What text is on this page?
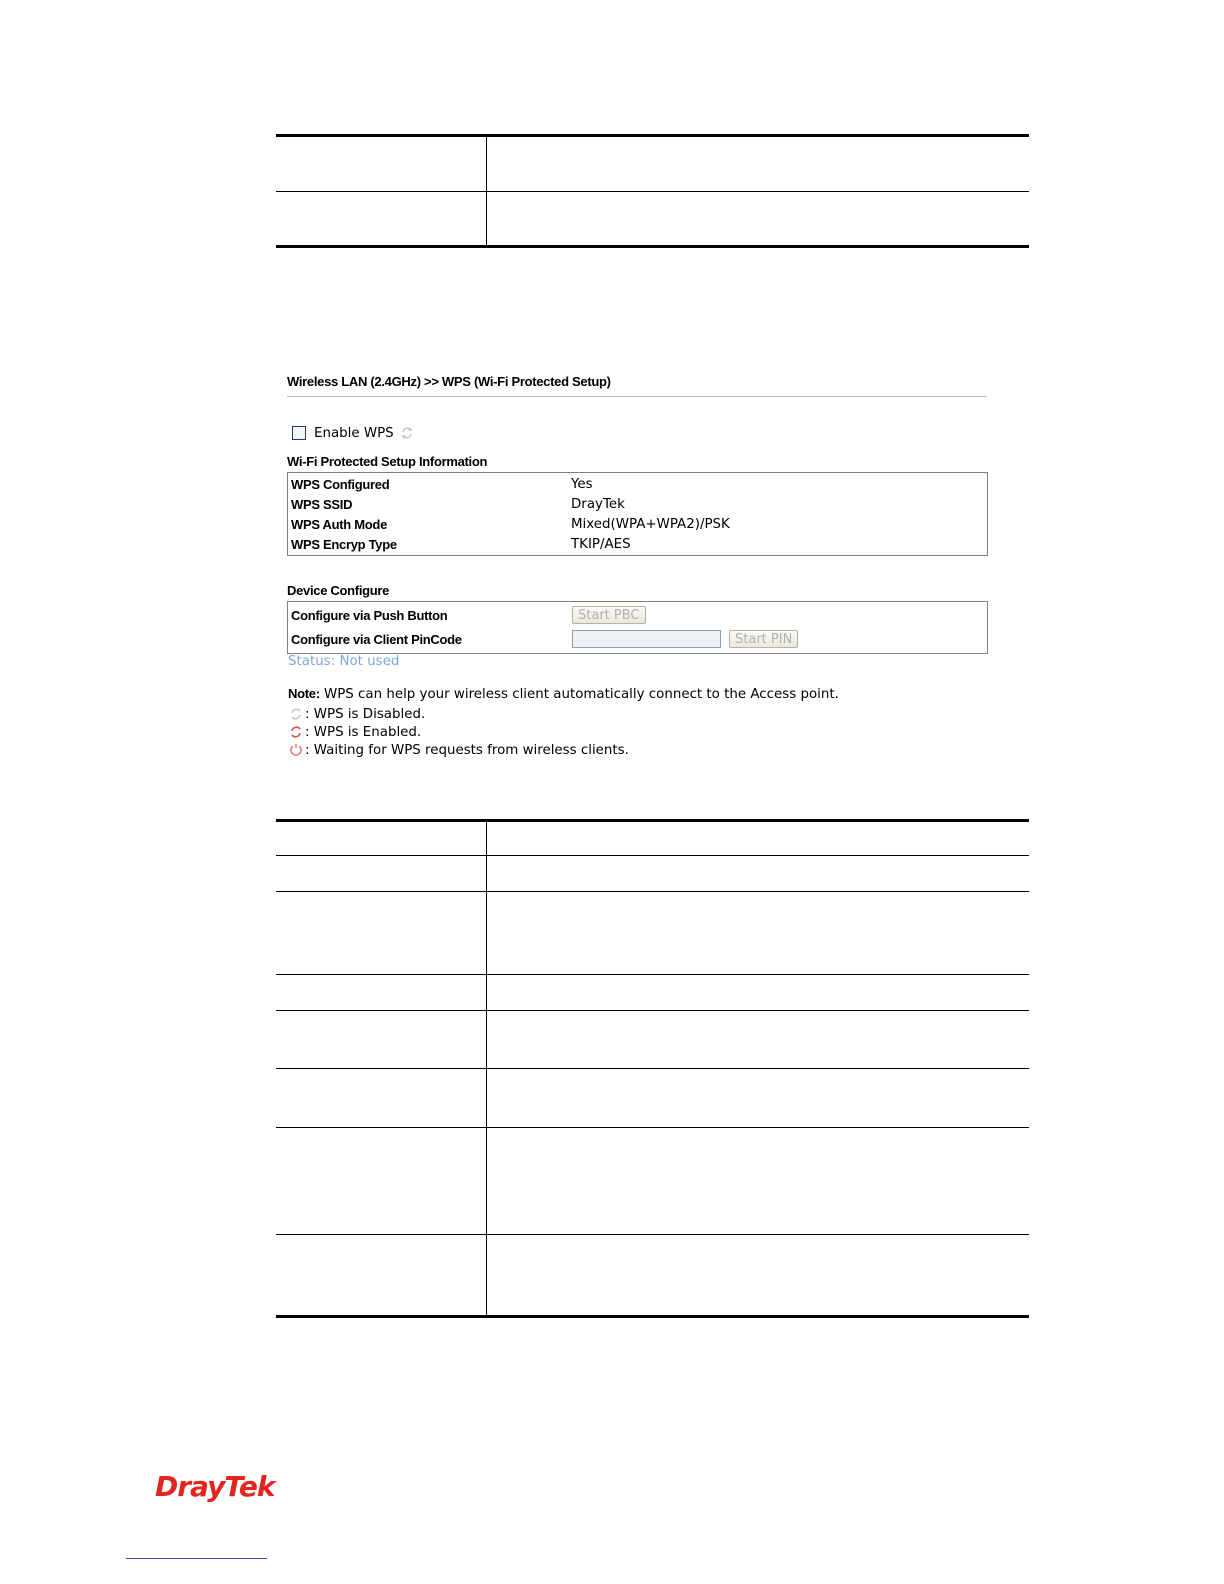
Wireless LAN (2.4GHz) >> WPS (Wi-Fi Protected Setup)
Enable WPS
Wi-Fi Protected Setup Information
WPS Configured	Yes
WPS SSID	DrayTek
WPS Auth Mode	Mixed(WPA+WPA2)/PSK
WPS Encryp Type	TKIP/AES
Device Configure
Configure via Push Button	Start PBC
Configure via Client PinCode	Start PIN
Status: Not used
Note: WPS can help your wireless client automatically connect to the Access point.
: WPS is Disabled.
: WPS is Enabled.
: Waiting for WPS requests from wireless clients.

DrayTek
